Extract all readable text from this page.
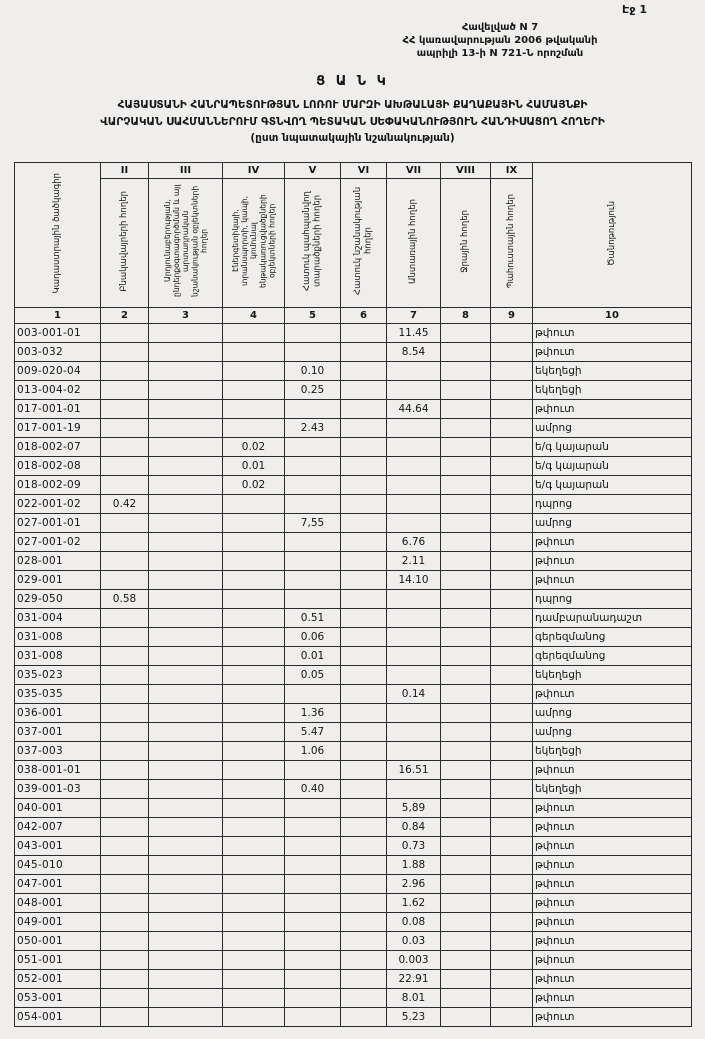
Էջ 1
Հավելված N 7
ՀՀ կառավարության 2006 թվականի
ապրիլի 13-ի N 721-Ն որոշման
Ց Ա Ն Կ
ՀԱՅԱՍՏԱՆԻ ՀԱՆՐԱՊԵՏՈՒԹՅԱՆ ԼՈՌՈՒ ՄԱՐԶԻ ԱԽԹԱԼԱՅԻ ՔԱՂԱՔԱՅԻՆ ՀԱՄԱՅՆՔԻ
ՎԱՐՉԱԿԱՆ ՍԱՀՄԱՆՆԵՐՈՒՄ ԳՏՆՎՈՂ ՊԵՏԱԿԱՆ ՍԵՓԱԿԱՆՈՒԹՅՈՒՆ ՀԱՆԴԻՍԱՑՈՂ ՀՈՂԵՐԻ
(ըստ նպատակային նշանակության)
Կադաստրային ծածկագիր	II	III	IV	V	VI	VII	VIII	IX	Ծանոթություն
	Բնակավայրերի հողեր	Արդյունաբերության, ընդերքօգտագործման և այլ արտադրական նշանակության օբյեկտների հողեր	Էներգետիկայի, տրանսպորտի, կապի, կոմունալ ենթակառուցվածքների օբյեկտների հողեր	Հատուկ պահպանվող տարածքների հողեր	Հատուկ նշանակության հողեր	Անտառային հողեր	Ջրային հողեր	Պահուստային հողեր	
1	2	3	4	5	6	7	8	9	10
003-001-01						11.45			թփուտ
003-032						8.54			թփուտ
009-020-04				0.10					եկեղեցի
013-004-02				0.25					եկեղեցի
017-001-01						44.64			թփուտ
017-001-19				2.43					ամրոց
018-002-07			0.02						ե/գ կայարան
018-002-08			0.01						ե/գ կայարան
018-002-09			0.02						ե/գ կայարան
022-001-02	0.42								դպրոց
027-001-01				7,55					ամրոց
027-001-02						6.76			թփուտ
028-001						2.11			թփուտ
029-001						14.10			թփուտ
029-050	0.58								դպրոց
031-004				0.51					դամբարանադաշտ
031-008				0.06					գերեզմանոց
031-008				0.01					գերեզմանոց
035-023				0.05					եկեղեցի
035-035						0.14			թփուտ
036-001				1.36					ամրոց
037-001				5.47					ամրոց
037-003				1.06					եկեղեցի
038-001-01						16.51			թփուտ
039-001-03				0.40					եկեղեցի
040-001						5,89			թփուտ
042-007						0.84			թփուտ
043-001						0.73			թփուտ
045-010						1.88			թփուտ
047-001						2.96			թփուտ
048-001						1.62			թփուտ
049-001						0.08			թփուտ
050-001						0.03			թփուտ
051-001						0.003			թփուտ
052-001						22.91			թփուտ
053-001						8.01			թփուտ
054-001						5.23			թփուտ
